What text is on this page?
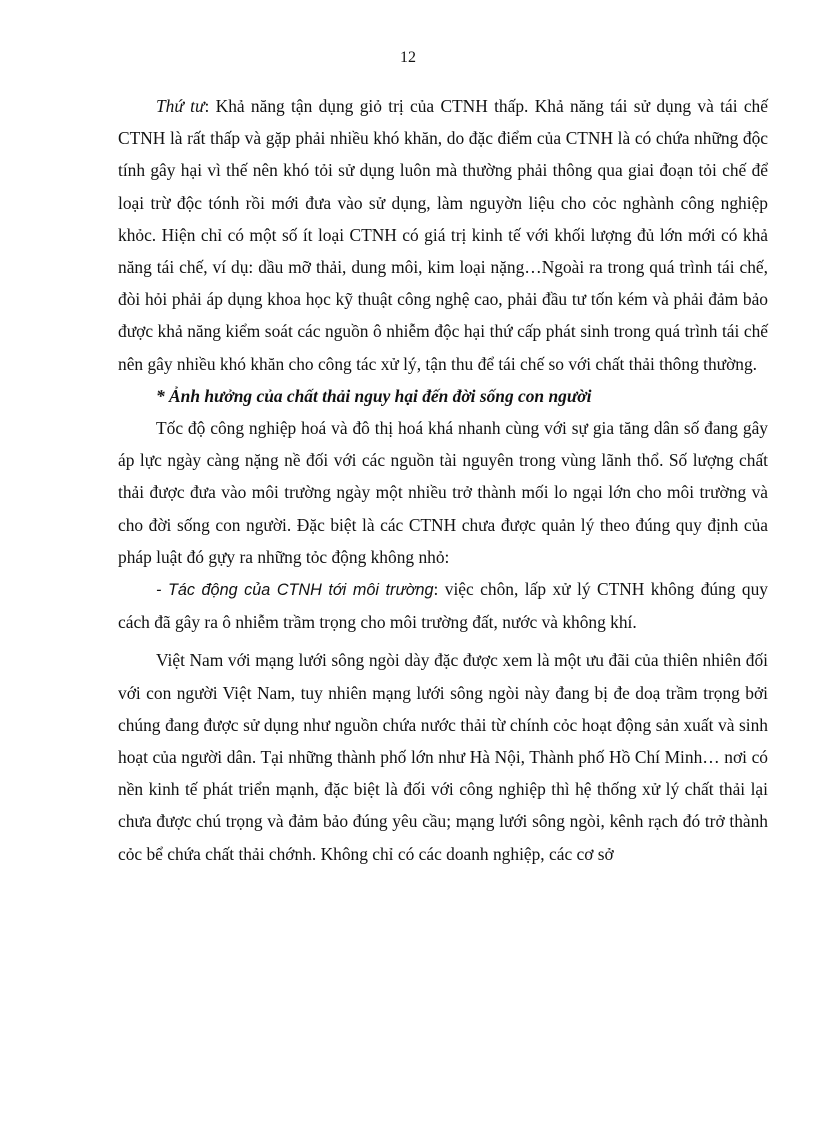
12

Thứ tư: Khả năng tận dụng giỏ trị của CTNH thấp. Khả năng tái sử dụng và tái chế CTNH là rất thấp và gặp phải nhiều khó khăn, do đặc điểm của CTNH là có chứa những độc tính gây hại vì thế nên khó tỏi sử dụng luôn mà thường phải thông qua giai đoạn tỏi chế để loại trừ độc tónh rồi mới đưa vào sử dụng, làm nguyờn liệu cho cỏc nghành công nghiệp khỏc. Hiện chỉ có một số ít loại CTNH có giá trị kinh tế với khối lượng đủ lớn mới có khả năng tái chế, ví dụ: dầu mỡ thải, dung môi, kim loại nặng…Ngoài ra trong quá trình tái chế, đòi hỏi phải áp dụng khoa học kỹ thuật công nghệ cao, phải đầu tư tốn kém và phải đảm bảo được khả năng kiểm soát các nguồn ô nhiễm độc hại thứ cấp phát sinh trong quá trình tái chế nên gây nhiều khó khăn cho công tác xử lý, tận thu để tái chế so với chất thải thông thường.

* Ảnh hưởng của chất thải nguy hại đến đời sống con người

Tốc độ công nghiệp hoá và đô thị hoá khá nhanh cùng với sự gia tăng dân số đang gây áp lực ngày càng nặng nề đối với các nguồn tài nguyên trong vùng lãnh thổ. Số lượng chất thải được đưa vào môi trường ngày một nhiều trở thành mối lo ngại lớn cho môi trường và cho đời sống con người. Đặc biệt là các CTNH chưa được quản lý theo đúng quy định của pháp luật đó gựy ra những tỏc động không nhỏ:

- Tác động của CTNH tới môi trường: việc chôn, lấp xử lý CTNH không đúng quy cách đã gây ra ô nhiễm trầm trọng cho môi trường đất, nước và không khí.

Việt Nam với mạng lưới sông ngòi dày đặc được xem là một ưu đãi của thiên nhiên đối với con người Việt Nam, tuy nhiên mạng lưới sông ngòi này đang bị đe doạ trầm trọng bởi chúng đang được sử dụng như nguồn chứa nước thải từ chính cỏc hoạt động sản xuất và sinh hoạt của người dân. Tại những thành phố lớn như Hà Nội, Thành phố Hồ Chí Minh… nơi có nền kinh tế phát triển mạnh, đặc biệt là đối với công nghiệp thì hệ thống xử lý chất thải lại chưa được chú trọng và đảm bảo đúng yêu cầu; mạng lưới sông ngòi, kênh rạch đó trở thành cỏc bể chứa chất thải chớnh. Không chỉ có các doanh nghiệp, các cơ sở
